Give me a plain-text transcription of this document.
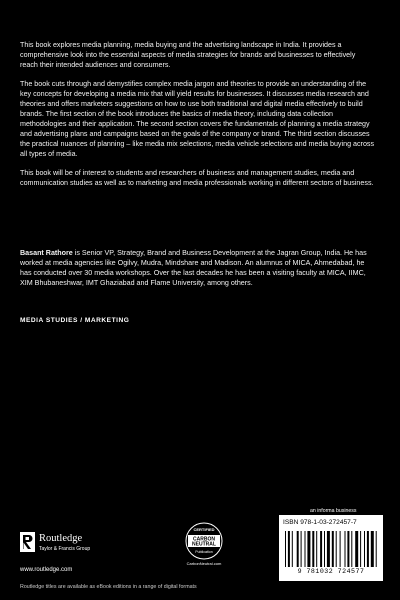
This book explores media planning, media buying and the advertising landscape in India. It provides a comprehensive look into the essential aspects of media strategies for brands and businesses to effectively reach their intended audiences and consumers.

The book cuts through and demystifies complex media jargon and theories to provide an understanding of the key concepts for developing a media mix that will yield results for businesses. It discusses media research and theories and offers marketers suggestions on how to use both traditional and digital media effectively to build brands. The first section of the book introduces the basics of media theory, including data collection methodologies and their application. The second section covers the fundamentals of planning a media strategy and advertising plans and campaigns based on the goals of the company or brand. The third section discusses the practical nuances of planning – like media mix selections, media vehicle selections and media buying across all types of media.

This book will be of interest to students and researchers of business and management studies, media and communication studies as well as to marketing and media professionals working in different sectors of business.

Basant Rathore is Senior VP, Strategy, Brand and Business Development at the Jagran Group, India. He has worked at media agencies like Ogilvy, Mudra, Mindshare and Madison. An alumnus of MICA, Ahmedabad, he has conducted over 30 media workshops. Over the last decades he has been a visiting faculty at MICA, IIMC, XIM Bhubaneshwar, IMT Ghaziabad and Flame University, among others.
MEDIA STUDIES / MARKETING
Routledge
Taylor & Francis Group
www.routledge.com
Routledge titles are available as eBook editions in a range of digital formats
CERTIFIED
CARBON
NEUTRAL
Publication
CarbonNeutral.com
an informa business
ISBN 978-1-03-272457-7
9 781032 724577
